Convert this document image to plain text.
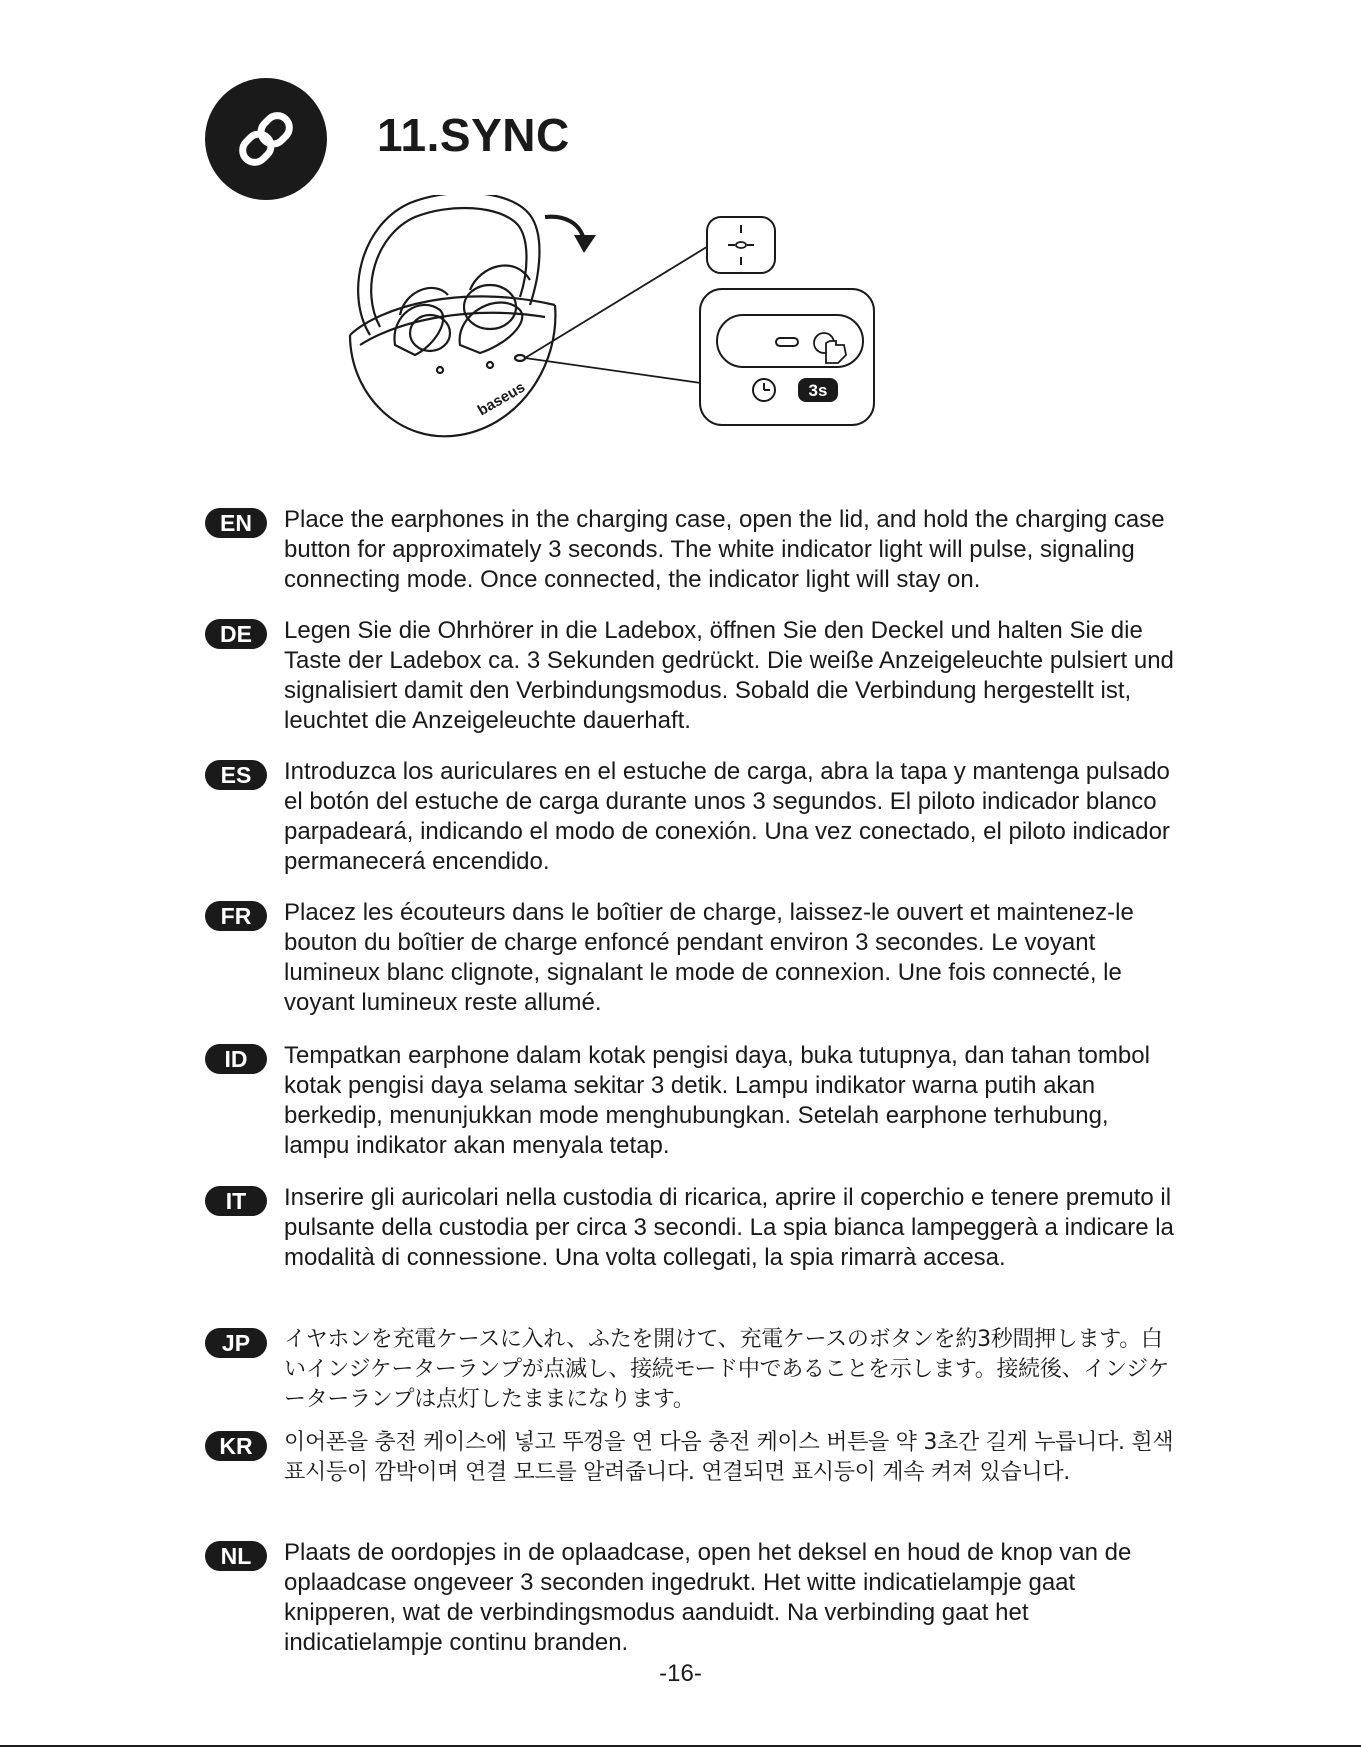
11.SYNC
baseus	3s
EN	Place the earphones in the charging case, open the lid, and hold the charging case button for approximately 3 seconds. The white indicator light will pulse, signaling connecting mode. Once connected, the indicator light will stay on.
DE	Legen Sie die Ohrhörer in die Ladebox, öffnen Sie den Deckel und halten Sie die Taste der Ladebox ca. 3 Sekunden gedrückt. Die weiße Anzeigeleuchte pulsiert und signalisiert damit den Verbindungsmodus. Sobald die Verbindung hergestellt ist, leuchtet die Anzeigeleuchte dauerhaft.
ES	Introduzca los auriculares en el estuche de carga, abra la tapa y mantenga pulsado el botón del estuche de carga durante unos 3 segundos. El piloto indicador blanco parpadeará, indicando el modo de conexión. Una vez conectado, el piloto indicador permanecerá encendido.
FR	Placez les écouteurs dans le boîtier de charge, laissez-le ouvert et maintenez-le bouton du boîtier de charge enfoncé pendant environ 3 secondes. Le voyant lumineux blanc clignote, signalant le mode de connexion. Une fois connecté, le voyant lumineux reste allumé.
ID	Tempatkan earphone dalam kotak pengisi daya, buka tutupnya, dan tahan tombol kotak pengisi daya selama sekitar 3 detik. Lampu indikator warna putih akan berkedip, menunjukkan mode menghubungkan. Setelah earphone terhubung, lampu indikator akan menyala tetap.
IT	Inserire gli auricolari nella custodia di ricarica, aprire il coperchio e tenere premuto il pulsante della custodia per circa 3 secondi. La spia bianca lampeggerà a indicare la modalità di connessione. Una volta collegati, la spia rimarrà accesa.
JP	イヤホンを充電ケースに入れ、ふたを開けて、充電ケースのボタンを約3秒間押します。白いインジケーターランプが点滅し、接続モード中であることを示します。接続後、インジケーターランプは点灯したままになります。
KR	이어폰을 충전 케이스에 넣고 뚜껑을 연 다음 충전 케이스 버튼을 약 3초간 길게 누릅니다. 흰색 표시등이 깜박이며 연결 모드를 알려줍니다. 연결되면 표시등이 계속 켜져 있습니다.
NL	Plaats de oordopjes in de oplaadcase, open het deksel en houd de knop van de oplaadcase ongeveer 3 seconden ingedrukt. Het witte indicatielampje gaat knipperen, wat de verbindingsmodus aanduidt. Na verbinding gaat het indicatielampje continu branden.
-16-
